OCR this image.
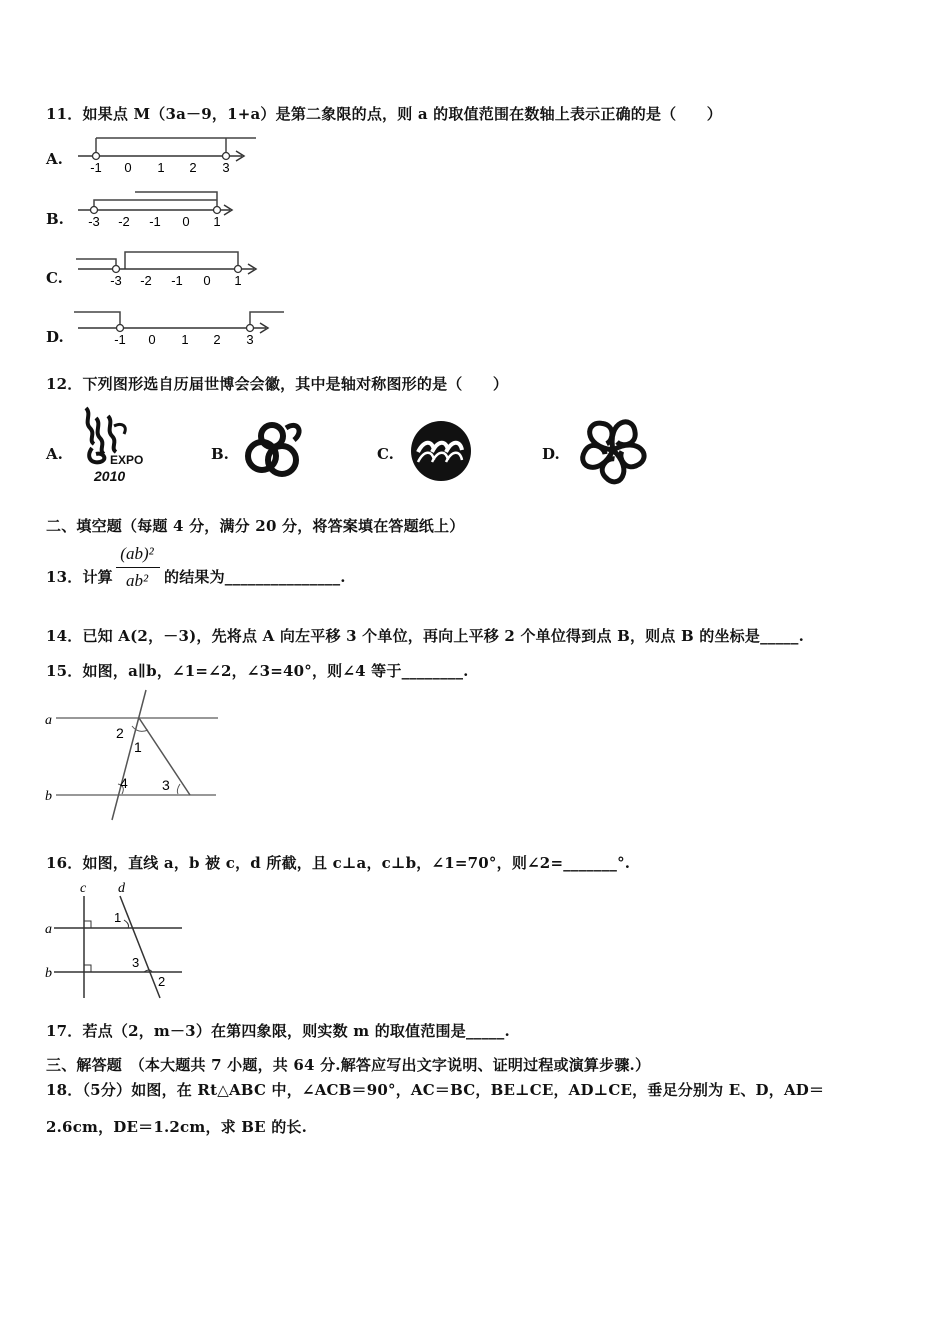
11．如果点 M（3a－9，1+a）是第二象限的点，则 a 的取值范围在数轴上表示正确的是（　　）
A. -1 0 1 2 3
B. -3 -2 -1 0 1
C.	-3 -2 -1 0 1
D.	-1 0 1 2 3
12．下列图形选自历届世博会会徽，其中是轴对称图形的是（　　）
A.	EXPO
2010
B.	C.	D.
二、填空题（每题 4 分，满分 20 分，将答案填在答题纸上）
13．计算
(ab)²
ab²	的结果为_______________.
14．已知 A(2，－3)，先将点 A 向左平移 3 个单位，再向上平移 2 个单位得到点 B，则点 B 的坐标是_____.
15．如图，a∥b，∠1=∠2，∠3=40°，则∠4 等于________.
a
b
1
2
3
4
16．如图，直线 a，b 被 c，d 所截，且 c⊥a，c⊥b，∠1=70°，则∠2=_______°.
c d
a
b
1
2
3
17．若点（2，m－3）在第四象限，则实数 m 的取值范围是_____.
三、解答题　（本大题共 7 小题，共 64 分.解答应写出文字说明、证明过程或演算步骤.）
18．（5分）如图，在 Rt△ABC 中，∠ACB＝90°，AC＝BC，BE⊥CE，AD⊥CE，垂足分别为 E、D，AD＝
2.6cm，DE＝1.2cm，求 BE 的长.
